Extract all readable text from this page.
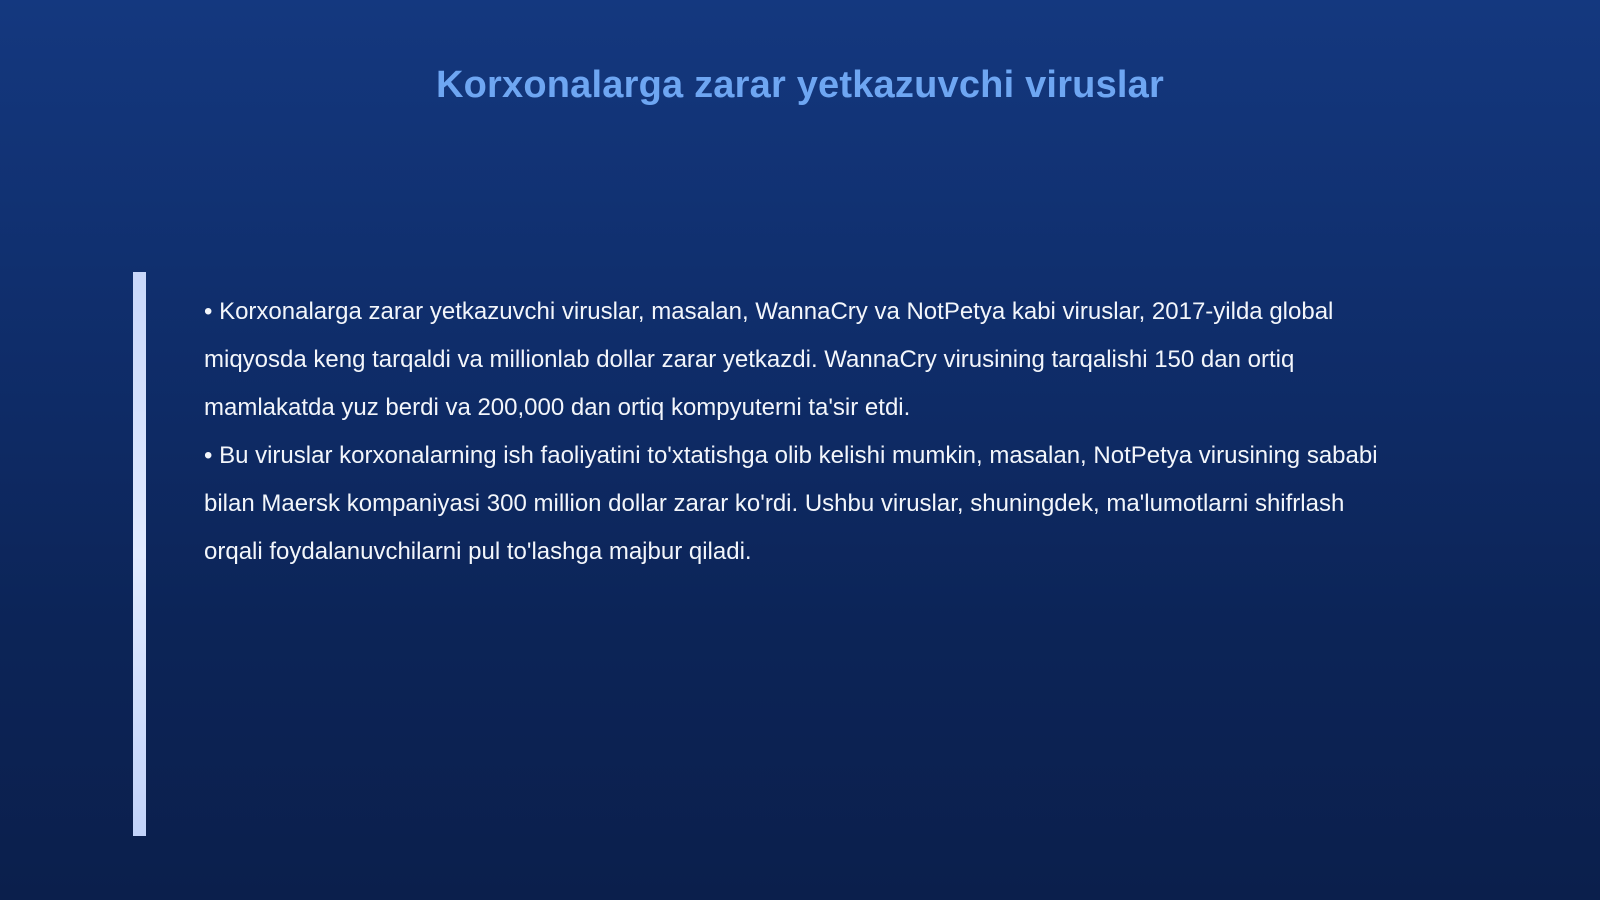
Korxonalarga zarar yetkazuvchi viruslar

• Korxonalarga zarar yetkazuvchi viruslar, masalan, WannaCry va NotPetya kabi viruslar, 2017-yilda global miqyosda keng tarqaldi va millionlab dollar zarar yetkazdi. WannaCry virusining tarqalishi 150 dan ortiq mamlakatda yuz berdi va 200,000 dan ortiq kompyuterni ta'sir etdi.

• Bu viruslar korxonalarning ish faoliyatini to'xtatishga olib kelishi mumkin, masalan, NotPetya virusining sababi bilan Maersk kompaniyasi 300 million dollar zarar ko'rdi. Ushbu viruslar, shuningdek, ma'lumotlarni shifrlash orqali foydalanuvchilarni pul to'lashga majbur qiladi.
